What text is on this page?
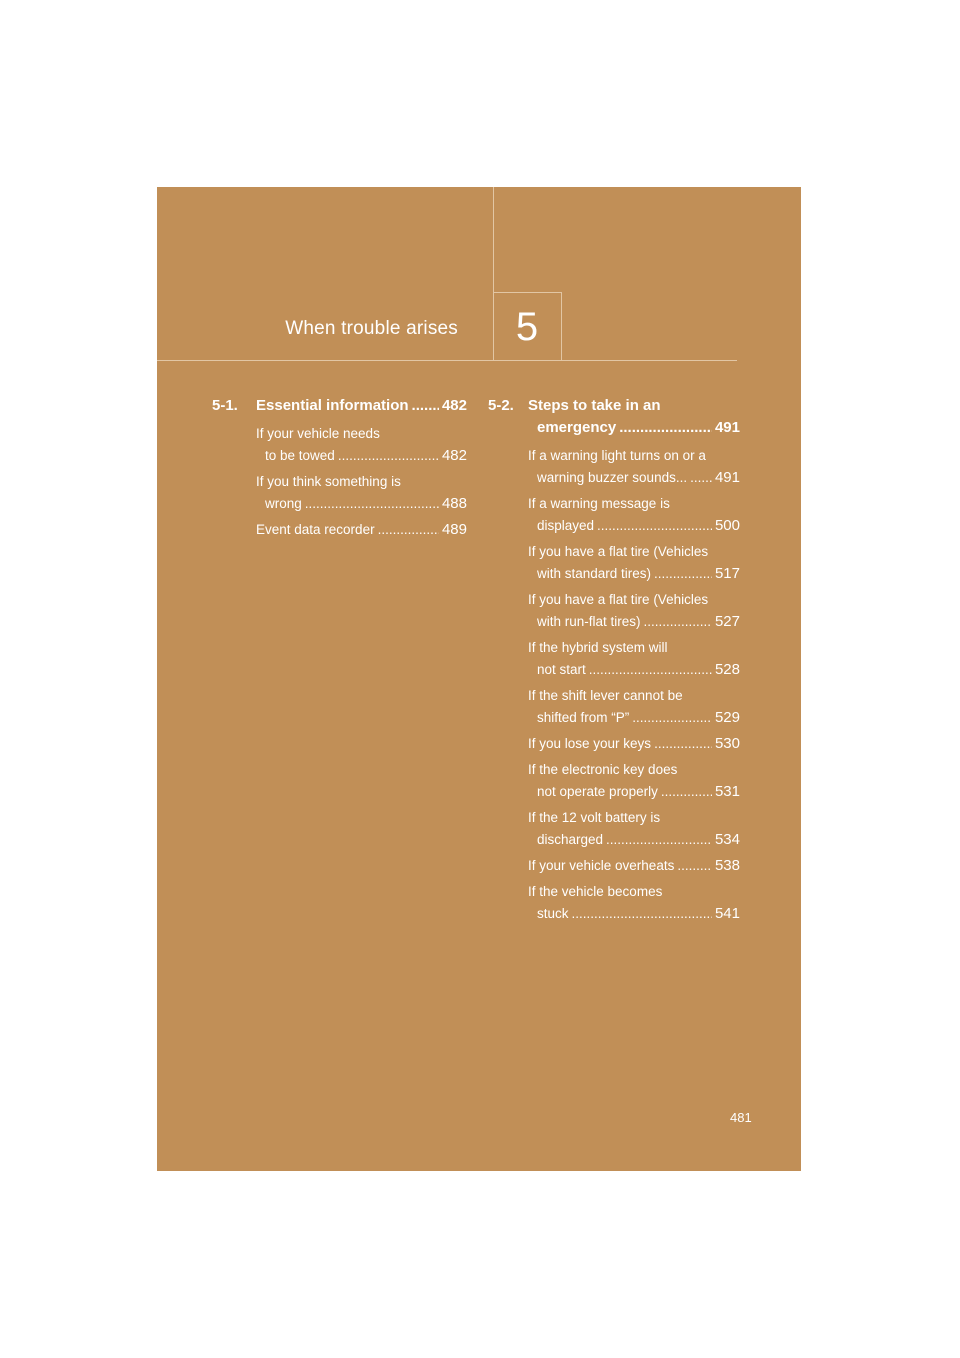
5
When trouble arises
5-1. Essential information ..... 482
If your vehicle needs
to be towed .....	482
If you think something is
wrong .....	488
Event data recorder .....	489
5-2. Steps to take in an
emergency .....	491
If a warning light turns on or a
warning buzzer sounds... ..... 491
If a warning message is
displayed .....	500
If you have a flat tire (Vehicles
with standard tires) .....	517
If you have a flat tire (Vehicles
with run-flat tires) .....	527
If the hybrid system will
not start .....	528
If the shift lever cannot be
shifted from “P” .....	529
If you lose your keys .....	530
If the electronic key does
not operate properly .....	531
If the 12 volt battery is
discharged .....	534
If your vehicle overheats .....	538
If the vehicle becomes
stuck .....	541
481
